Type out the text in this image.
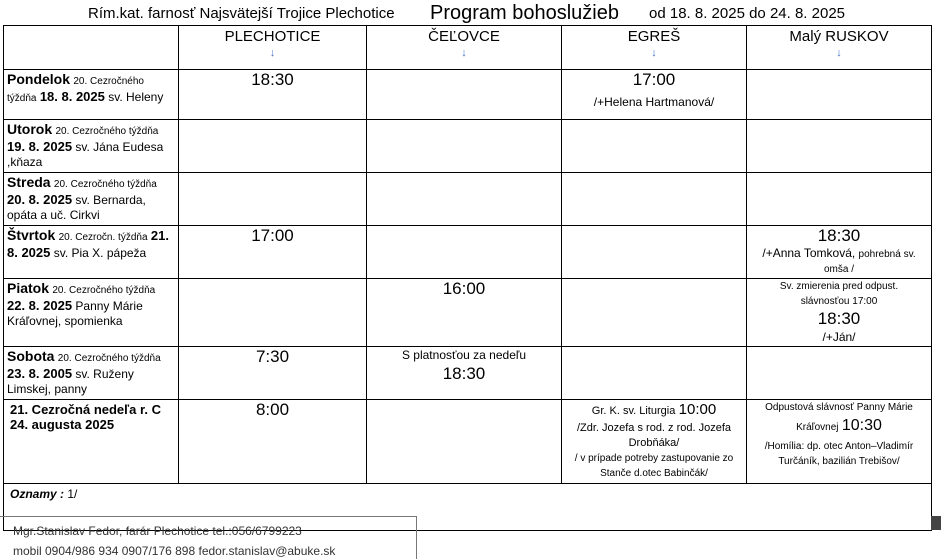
Rím.kat. farnosť Najsvätejší Trojice Plechotice Program bohoslužieb od 18. 8. 2025 do 24. 8. 2025
	PLECHOTICE
↓	ČEĽOVCE
↓	EGREŠ
↓	Malý RUSKOV
↓

Pondelok 20. Cezročného týždňa 18. 8. 2025 sv. Heleny	18:30		17:00
/+Helena Hartmanová/	

Utorok 20. Cezročného týždňa 19. 8. 2025 sv. Jána Eudesa ,kňaza				
Streda 20. Cezročného týždňa 20. 8. 2025 sv. Bernarda, opáta a uč. Cirkvi				
Štvrtok 20. Cezročn. týždňa 21. 8. 2025 sv. Pia X. pápeža	17:00			18:30
/+Anna Tomková, pohrebná sv.
omša /

Piatok 20. Cezročného týždňa 22. 8. 2025 Panny Márie Kráľovnej, spomienka		16:00		Sv. zmierenia pred odpust.
slávnosťou 17:00
18:30
/+Ján/

Sobota 20. Cezročného týždňa 23. 8. 2005 sv. Ruženy Limskej, panny	7:30	S platnosťou za nedeľu
18:30		

21. Cezročná nedeľa r. C
24. augusta 2025	8:00		Gr. K. sv. Liturgia 10:00
/Zdr. Jozefa s rod. z rod. Jozefa
Drobňáka/
/ v prípade potreby zastupovanie zo
Stanče d.otec Babinčák/	Odpustová slávnosť Panny Márie
Kráľovnej 10:30
/Homília: dp. otec Anton–Vladimír
Turčáník, bazilián Trebišov/

Oznamy : 1/				
Mgr.Stanislav Fedor, farár Plechotice tel.:056/6799223
mobil 0904/986 934 0907/176 898 fedor.stanislav@abuke.sk
